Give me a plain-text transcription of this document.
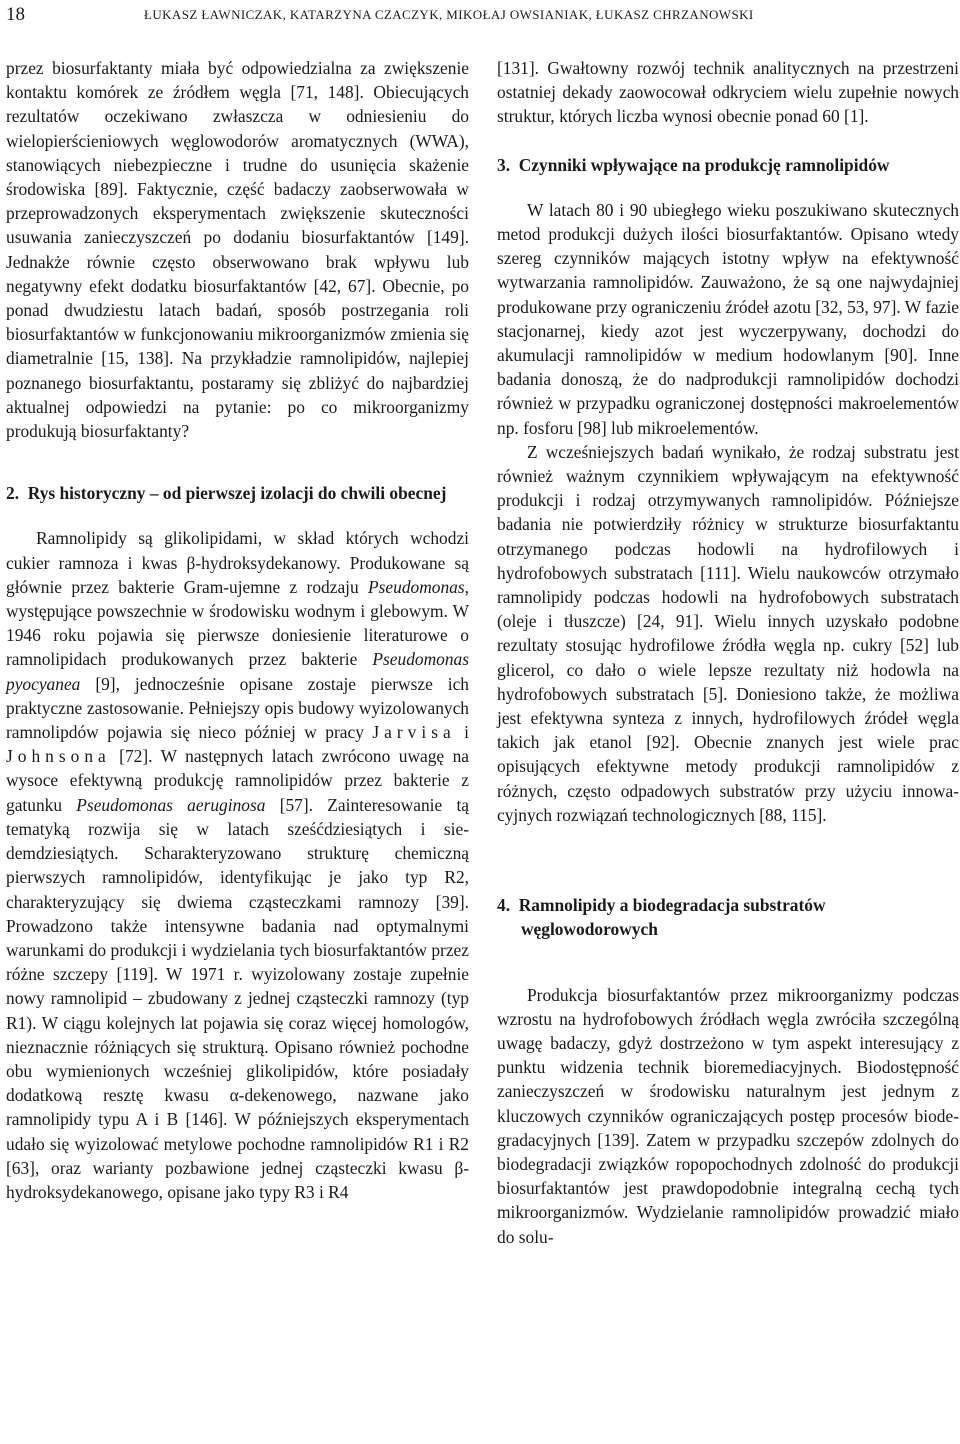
18	ŁUKASZ ŁAWNICZAK, KATARZYNA CZACZYK, MIKOŁAJ OWSIANIAK, ŁUKASZ CHRZANOWSKI

przez biosurfaktanty miała być odpowiedzialna za zwiększenie kontaktu komórek ze źródłem węgla [71, 148]. Obiecujących rezultatów oczekiwano zwłaszcza w odniesieniu do wielopierścieniowych węglowodorów aromatycznych (WWA), stanowiących niebezpieczne i trudne do usunięcia skażenie środowiska [89]. Faktycznie, część badaczy zaobserwowała w przeprowadzonych eksperymentach zwiększenie skuteczności usuwania zanieczyszczeń po dodaniu biosurfaktantów [149]. Jednakże równie często obserwowano brak wpływu lub negatywny efekt dodatku biosurfaktantów [42, 67]. Obecnie, po ponad dwudziestu latach badań, sposób postrzegania roli biosurfaktantów w funkcjonowaniu mikroorganizmów zmienia się diametralnie [15, 138]. Na przykładzie ramnolipidów, najlepiej poznanego biosurfaktantu, postaramy się zbliżyć do najbardziej aktualnej odpowiedzi na pytanie: po co mikroorganizmy produkują biosurfaktanty?

2.  Rys historyczny – od pierwszej izolacji do chwili obecnej

Ramnolipidy są glikolipidami, w skład których wchodzi cukier ramnoza i kwas β-hydroksydekanowy. Produkowane są głównie przez bakterie Gram-ujemne z rodzaju Pseudomonas, występujące powszechnie w środowisku wodnym i glebowym. W 1946 roku pojawia się pierwsze doniesienie literaturowe o ramnolipidach produkowanych przez bakterie Pseudomonas pyocyanea [9], jednocześnie opisane zostaje pierwsze ich praktyczne zastosowanie. Pełniejszy opis budowy wyizolowanych ramnolipdów pojawia się nieco później w pracy Jarvisa i Johnsona [72]. W następnych latach zwrócono uwagę na wysoce efektywną produkcję ramnolipidów przez bakterie z gatunku Pseudomonas aeruginosa [57]. Zainteresowanie tą tematyką rozwija się w latach sześćdziesiątych i siedemdziesiątych. Scharakteryzowano strukturę chemiczną pierwszych ramnolipidów, identyfikując je jako typ R2, charakteryzujący się dwiema cząsteczkami ramnozy [39]. Prowadzono także intensywne badania nad optymalnymi warunkami do produkcji i wydzielania tych biosurfaktantów przez różne szczepy [119]. W 1971 r. wyizolowany zostaje zupełnie nowy ramnolipid – zbudowany z jednej cząsteczki ramnozy (typ R1). W ciągu kolejnych lat pojawia się coraz więcej homologów, nieznacznie różniących się strukturą. Opisano również pochodne obu wymienionych wcześniej glikolipidów, które posiadały dodatkową resztę kwasu α-dekenowego, nazwane jako ramnolipidy typu A i B [146]. W późniejszych eksperymentach udało się wyizolować metylowe pochodne ramnolipidów R1 i R2 [63], oraz warianty pozbawione jednej cząsteczki kwasu β-hydroksydekanowego, opisane jako typy R3 i R4

[131]. Gwałtowny rozwój technik analitycznych na przestrzeni ostatniej dekady zaowocował odkryciem wielu zupełnie nowych struktur, których liczba wynosi obecnie ponad 60 [1].

3.  Czynniki wpływające na produkcję ramnolipidów

W latach 80 i 90 ubiegłego wieku poszukiwano skutecznych metod produkcji dużych ilości biosurfaktantów. Opisano wtedy szereg czynników mających istotny wpływ na efektywność wytwarzania ramnolipidów. Zauważono, że są one najwydajniej produkowane przy ograniczeniu źródeł azotu [32, 53, 97]. W fazie stacjonarnej, kiedy azot jest wyczerpywany, dochodzi do akumulacji ramnolipidów w medium hodowlanym [90]. Inne badania donoszą, że do nadprodukcji ramnolipidów dochodzi również w przypadku ograniczonej dostępności makroelementów np. fosforu [98] lub mikroelementów.

Z wcześniejszych badań wynikało, że rodzaj substratu jest również ważnym czynnikiem wpływającym na efektywność produkcji i rodzaj otrzymywanych ramnolipidów. Późniejsze badania nie potwierdziły różnicy w strukturze biosurfaktantu otrzymanego podczas hodowli na hydrofilowych i hydrofobowych substratach [111]. Wielu naukowców otrzymało ramnolipidy podczas hodowli na hydrofobowych substratach (oleje i tłuszcze) [24, 91]. Wielu innych uzyskało podobne rezultaty stosując hydrofilowe źródła węgla np. cukry [52] lub glicerol, co dało o wiele lepsze rezultaty niż hodowla na hydrofobowych substratach [5]. Doniesiono także, że możliwa jest efektywna synteza z innych, hydrofilowych źródeł węgla takich jak etanol [92]. Obecnie znanych jest wiele prac opisujących efektywne metody produkcji ramnolipidów z różnych, często odpadowych substratów przy użyciu innowacyjnych rozwiązań technologicznych [88, 115].

4.  Ramnolipidy a biodegradacja substratów węglowodorowych

Produkcja biosurfaktantów przez mikroorganizmy podczas wzrostu na hydrofobowych źródłach węgla zwróciła szczególną uwagę badaczy, gdyż dostrzeżono w tym aspekt interesujący z punktu widzenia technik bioremediacyjnych. Biodostępność zanieczyszczeń w środowisku naturalnym jest jednym z kluczowych czynników ograniczających postęp procesów biodegradacyjnych [139]. Zatem w przypadku szczepów zdolnych do biodegradacji związków ropopochodnych zdolność do produkcji biosurfaktantów jest prawdopodobnie integralną cechą tych mikroorganizmów. Wydzielanie ramnolipidów prowadzić miało do solu-
